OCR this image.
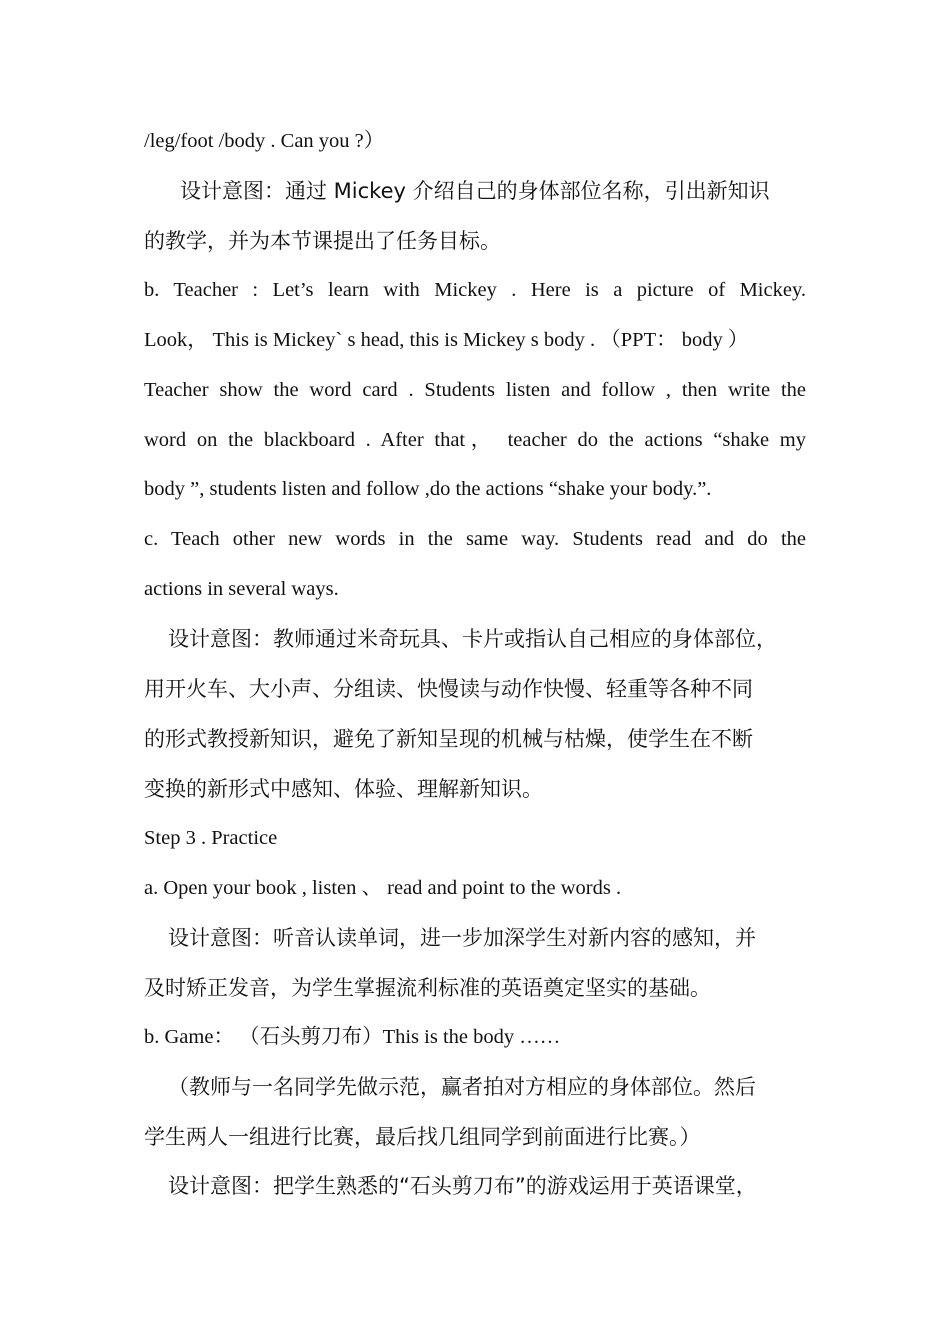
/leg/foot /body . Can you ?）
设计意图：通过 Mickey 介绍自己的身体部位名称，引出新知识
的教学，并为本节课提出了任务目标。
b. Teacher : Let’s learn with Mickey . Here is a picture of Mickey.
Look， This is Mickey` s head, this is Mickey s body . （PPT： body ）
Teacher show the word card . Students listen and follow , then write the
word on the blackboard . After that， teacher do the actions “shake my
body ”, students listen and follow ,do the actions “shake your body.”.
c. Teach other new words in the same way. Students read and do the
actions in several ways.
设计意图：教师通过米奇玩具、卡片或指认自己相应的身体部位，
用开火车、大小声、分组读、快慢读与动作快慢、轻重等各种不同
的形式教授新知识，避免了新知呈现的机械与枯燥，使学生在不断
变换的新形式中感知、体验、理解新知识。
Step 3 . Practice
a. Open your book , listen 、 read and point to the words .
设计意图：听音认读单词，进一步加深学生对新内容的感知，并
及时矫正发音，为学生掌握流利标准的英语奠定坚实的基础。
b. Game： （石头剪刀布）This is the body ……
（教师与一名同学先做示范，赢者拍对方相应的身体部位。然后
学生两人一组进行比赛，最后找几组同学到前面进行比赛。）
设计意图：把学生熟悉的“石头剪刀布”的游戏运用于英语课堂，
